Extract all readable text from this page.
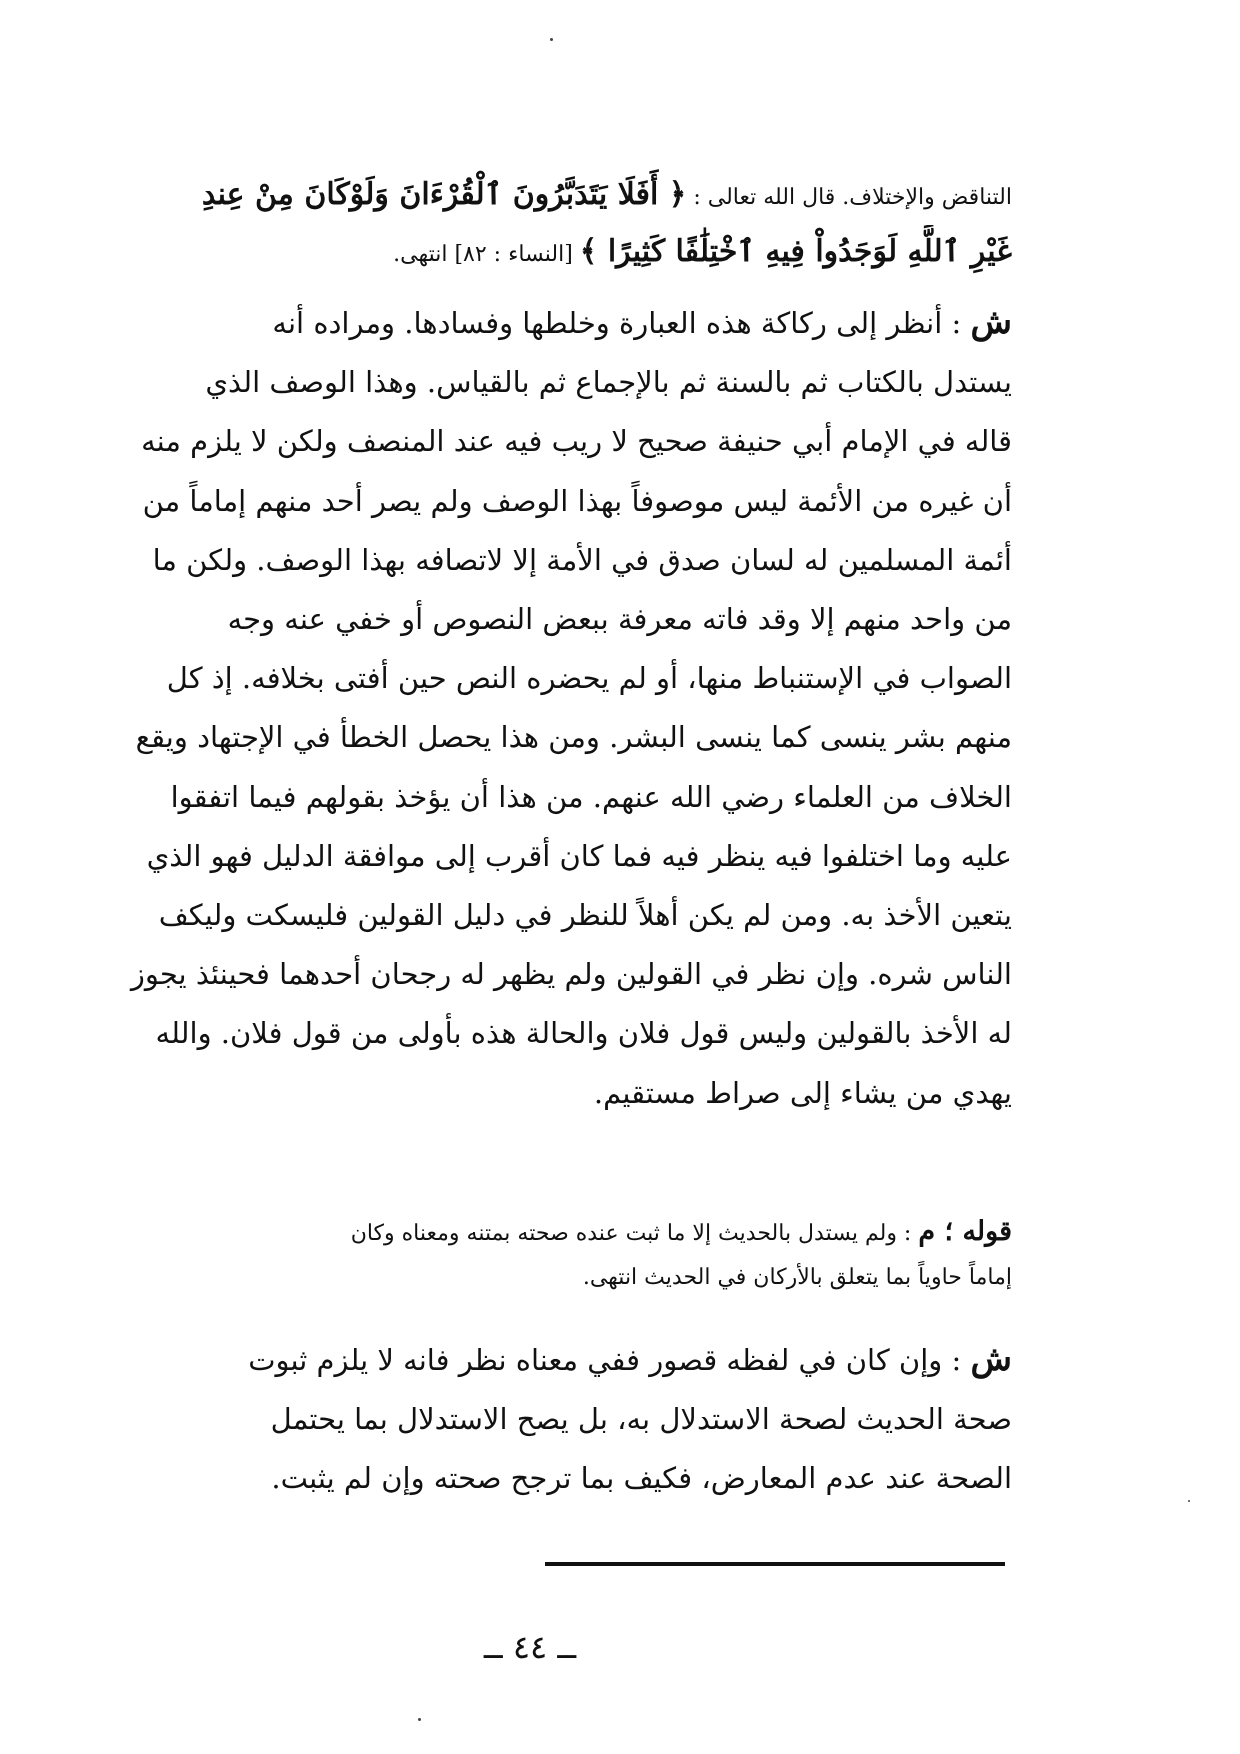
التناقض والإختلاف. قال الله تعالى : ﴿ أَفَلَا يَتَدَبَّرُونَ ٱلْقُرْءَانَ وَلَوْكَانَ مِنْ عِندِ
غَيْرِ ٱللَّهِ لَوَجَدُواْ فِيهِ ٱخْتِلَٰفًا كَثِيرًا ﴾ [النساء : ٨٢] انتهى.
ش : أنظر إلى ركاكة هذه العبارة وخلطها وفسادها. ومراده أنه
يستدل بالكتاب ثم بالسنة ثم بالإجماع ثم بالقياس. وهذا الوصف الذي
قاله في الإمام أبي حنيفة صحيح لا ريب فيه عند المنصف ولكن لا يلزم منه
أن غيره من الأئمة ليس موصوفاً بهذا الوصف ولم يصر أحد منهم إماماً من
أئمة المسلمين له لسان صدق في الأمة إلا لاتصافه بهذا الوصف. ولكن ما
من واحد منهم إلا وقد فاته معرفة ببعض النصوص أو خفي عنه وجه
الصواب في الإستنباط منها، أو لم يحضره النص حين أفتى بخلافه. إذ كل
منهم بشر ينسى كما ينسى البشر. ومن هذا يحصل الخطأ في الإجتهاد ويقع
الخلاف من العلماء رضي الله عنهم. من هذا أن يؤخذ بقولهم فيما اتفقوا
عليه وما اختلفوا فيه ينظر فيه فما كان أقرب إلى موافقة الدليل فهو الذي
يتعين الأخذ به. ومن لم يكن أهلاً للنظر في دليل القولين فليسكت وليكف
الناس شره. وإن نظر في القولين ولم يظهر له رجحان أحدهما فحينئذ يجوز
له الأخذ بالقولين وليس قول فلان والحالة هذه بأولى من قول فلان. والله
يهدي من يشاء إلى صراط مستقيم.
قوله ؛ م : ولم يستدل بالحديث إلا ما ثبت عنده صحته بمتنه ومعناه وكان
إماماً حاوياً بما يتعلق بالأركان في الحديث انتهى.
ش : وإن كان في لفظه قصور ففي معناه نظر فانه لا يلزم ثبوت
صحة الحديث لصحة الاستدلال به، بل يصح الاستدلال بما يحتمل
الصحة عند عدم المعارض، فكيف بما ترجح صحته وإن لم يثبت.
ــ ٤٤ ــ
